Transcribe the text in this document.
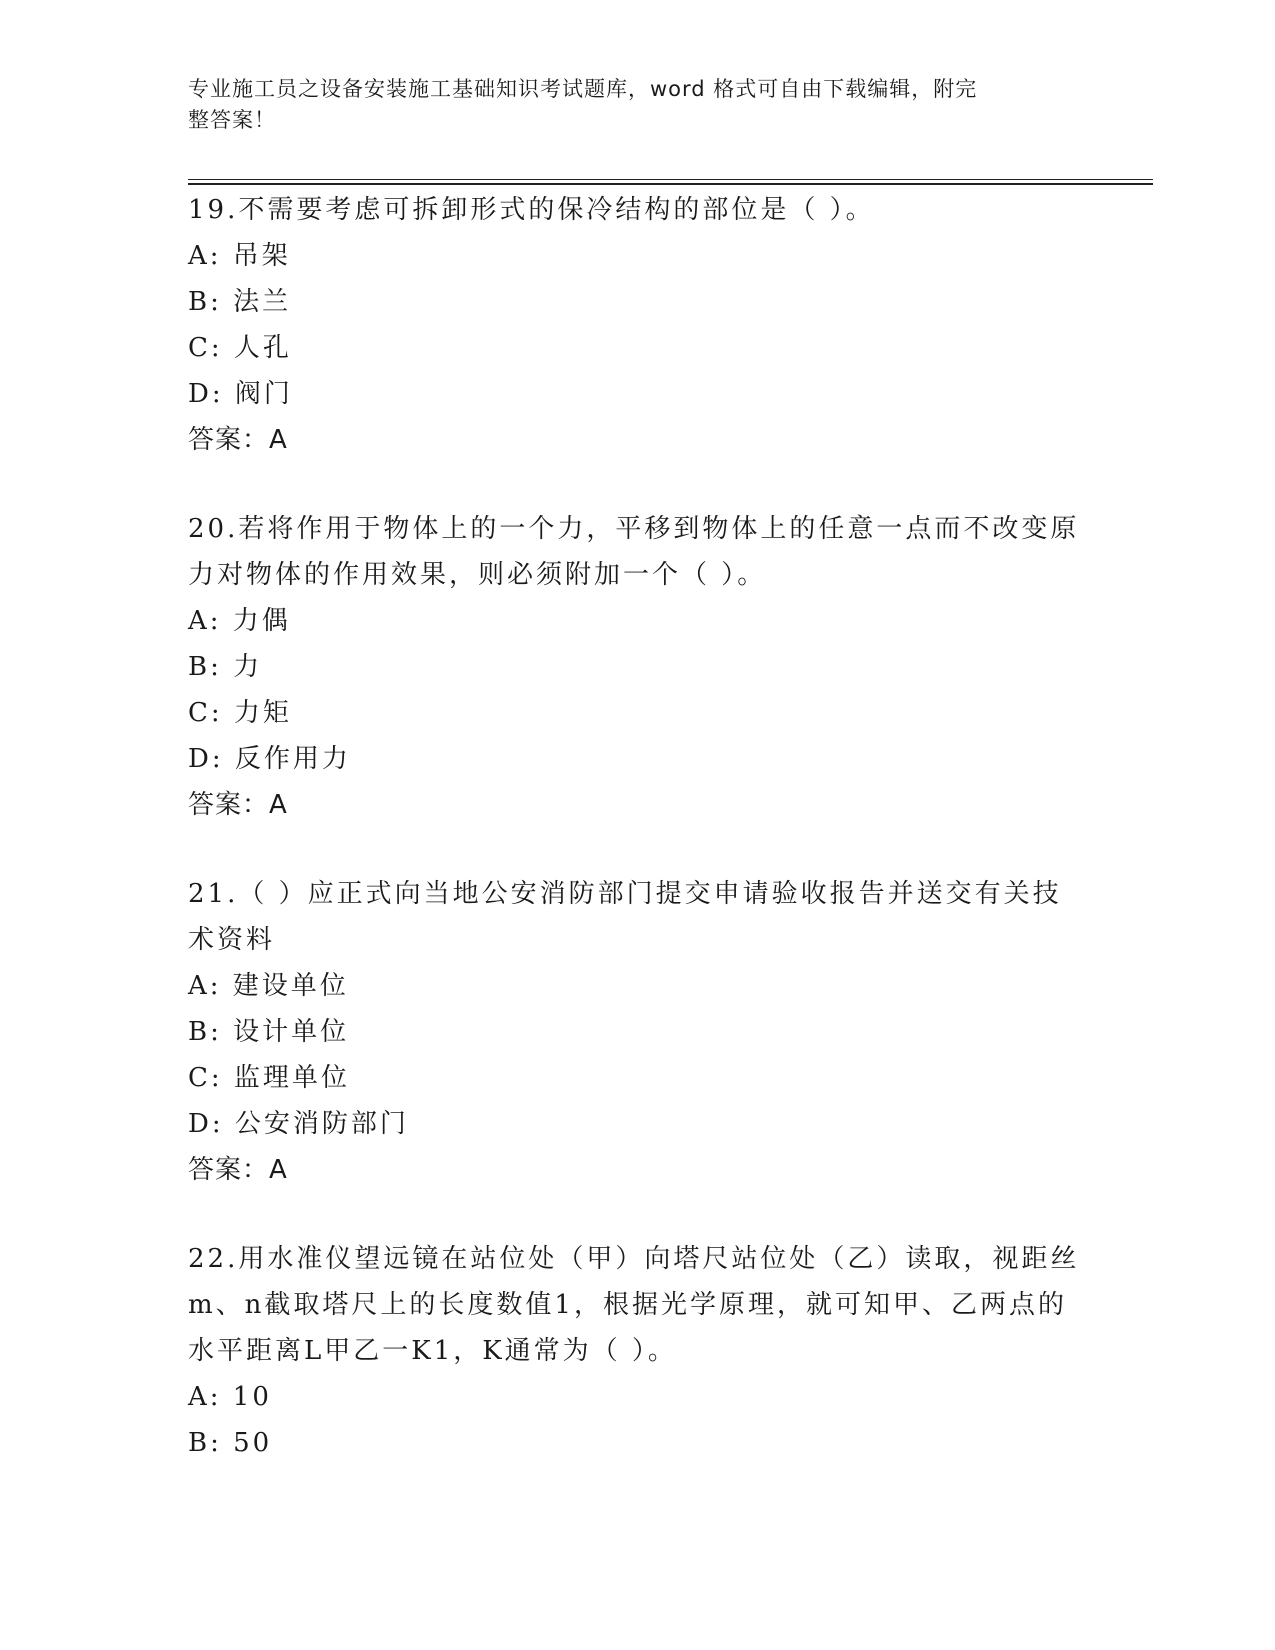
专业施工员之设备安装施工基础知识考试题库，word 格式可自由下载编辑，附完
整答案！

19.不需要考虑可拆卸形式的保冷结构的部位是（ ）。

A: 吊架

B: 法兰

C: 人孔

D: 阀门

答案：A

20.若将作用于物体上的一个力，平移到物体上的任意一点而不改变原力对物体的作用效果，则必须附加一个（ ）。

A: 力偶

B: 力

C: 力矩

D: 反作用力

答案：A

21.（ ）应正式向当地公安消防部门提交申请验收报告并送交有关技术资料

A: 建设单位

B: 设计单位

C: 监理单位

D: 公安消防部门

答案：A

22.用水准仪望远镜在站位处（甲）向塔尺站位处（乙）读取，视距丝m、n截取塔尺上的长度数值1，根据光学原理，就可知甲、乙两点的水平距离L甲乙一K1，K通常为（ ）。

A: 10

B: 50
